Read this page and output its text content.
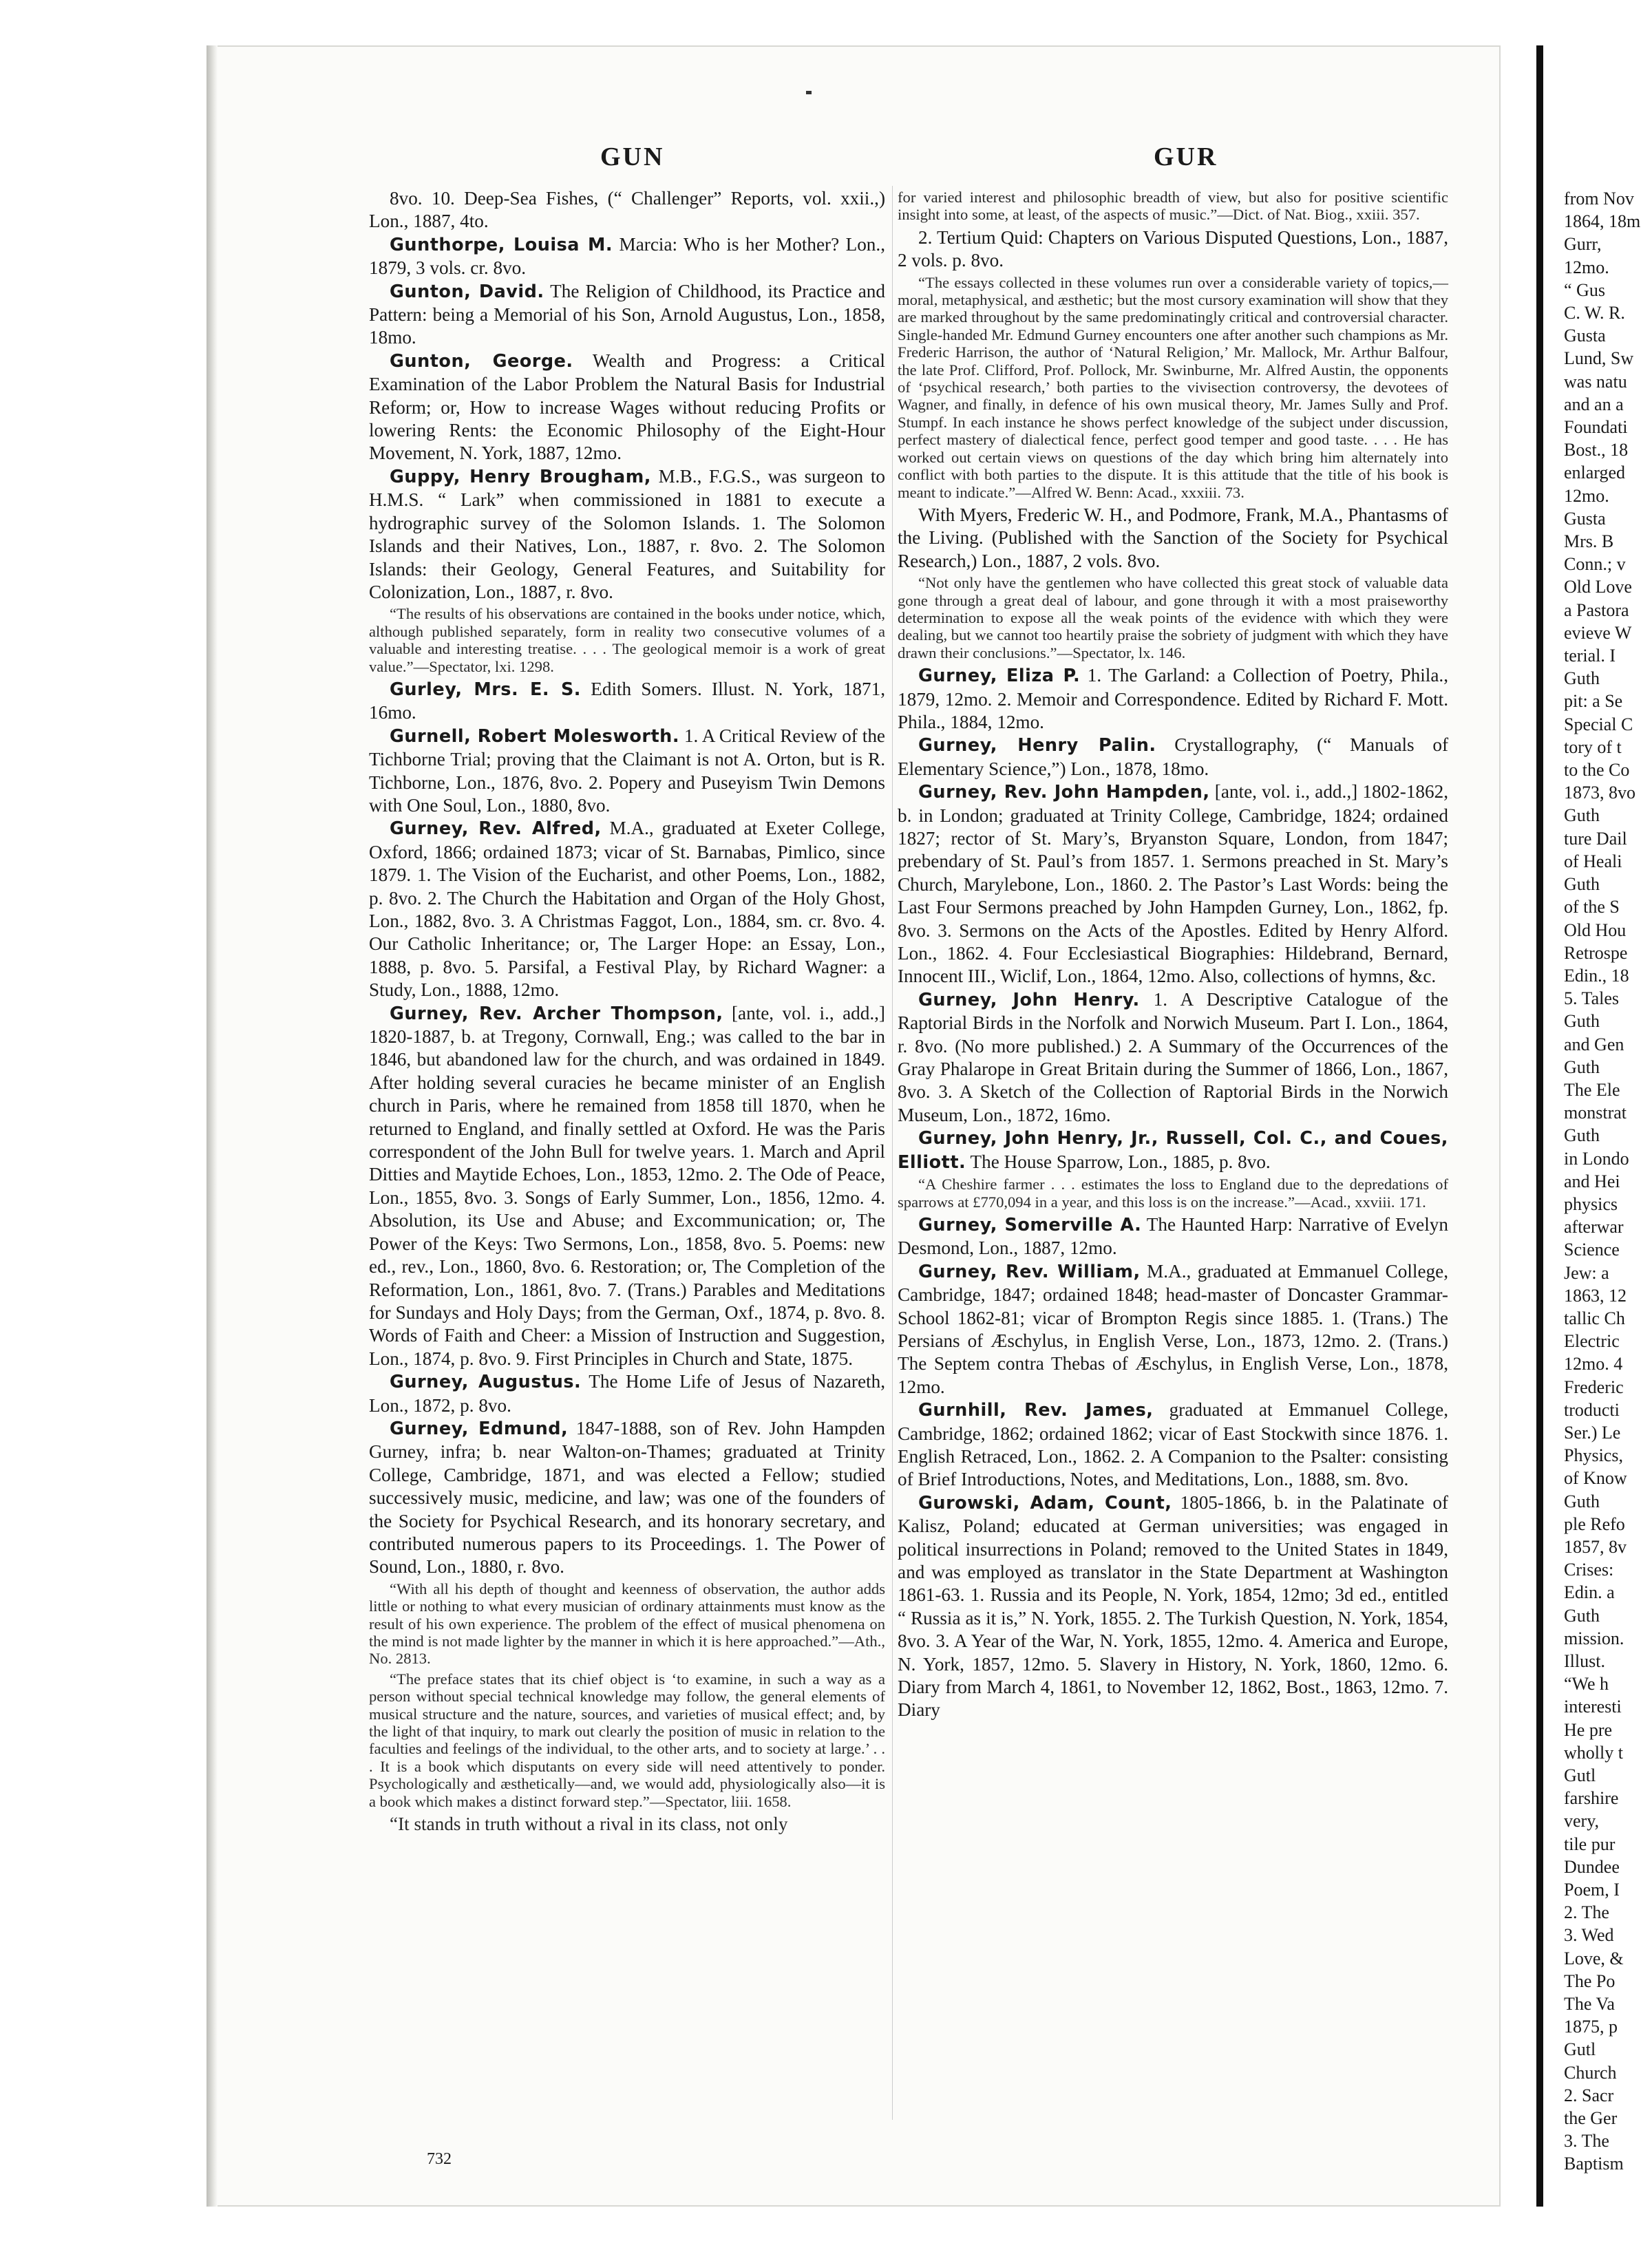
GUN	GUR

8vo. 10. Deep-Sea Fishes, (“ Challenger” Reports, vol. xxii.,) Lon., 1887, 4to.

Gunthorpe, Louisa M. Marcia: Who is her Mother? Lon., 1879, 3 vols. cr. 8vo.

Gunton, David. The Religion of Childhood, its Practice and Pattern: being a Memorial of his Son, Arnold Augustus, Lon., 1858, 18mo.

Gunton, George. Wealth and Progress: a Critical Examination of the Labor Problem the Natural Basis for Industrial Reform; or, How to increase Wages without reducing Profits or lowering Rents: the Economic Philosophy of the Eight-Hour Movement, N. York, 1887, 12mo.

Guppy, Henry Brougham, M.B., F.G.S., was surgeon to H.M.S. “ Lark” when commissioned in 1881 to execute a hydrographic survey of the Solomon Islands. 1. The Solomon Islands and their Natives, Lon., 1887, r. 8vo. 2. The Solomon Islands: their Geology, General Features, and Suitability for Colonization, Lon., 1887, r. 8vo.

“The results of his observations are contained in the books under notice, which, although published separately, form in reality two consecutive volumes of a valuable and interesting treatise. . . . The geological memoir is a work of great value.”—Spectator, lxi. 1298.

Gurley, Mrs. E. S. Edith Somers. Illust. N. York, 1871, 16mo.

Gurnell, Robert Molesworth. 1. A Critical Review of the Tichborne Trial; proving that the Claimant is not A. Orton, but is R. Tichborne, Lon., 1876, 8vo. 2. Popery and Puseyism Twin Demons with One Soul, Lon., 1880, 8vo.

Gurney, Rev. Alfred, M.A., graduated at Exeter College, Oxford, 1866; ordained 1873; vicar of St. Barnabas, Pimlico, since 1879. 1. The Vision of the Eucharist, and other Poems, Lon., 1882, p. 8vo. 2. The Church the Habitation and Organ of the Holy Ghost, Lon., 1882, 8vo. 3. A Christmas Faggot, Lon., 1884, sm. cr. 8vo. 4. Our Catholic Inheritance; or, The Larger Hope: an Essay, Lon., 1888, p. 8vo. 5. Parsifal, a Festival Play, by Richard Wagner: a Study, Lon., 1888, 12mo.

Gurney, Rev. Archer Thompson, [ante, vol. i., add.,] 1820-1887, b. at Tregony, Cornwall, Eng.; was called to the bar in 1846, but abandoned law for the church, and was ordained in 1849. After holding several curacies he became minister of an English church in Paris, where he remained from 1858 till 1870, when he returned to England, and finally settled at Oxford. He was the Paris correspondent of the John Bull for twelve years. 1. March and April Ditties and Maytide Echoes, Lon., 1853, 12mo. 2. The Ode of Peace, Lon., 1855, 8vo. 3. Songs of Early Summer, Lon., 1856, 12mo. 4. Absolution, its Use and Abuse; and Excommunication; or, The Power of the Keys: Two Sermons, Lon., 1858, 8vo. 5. Poems: new ed., rev., Lon., 1860, 8vo. 6. Restoration; or, The Completion of the Reformation, Lon., 1861, 8vo. 7. (Trans.) Parables and Meditations for Sundays and Holy Days; from the German, Oxf., 1874, p. 8vo. 8. Words of Faith and Cheer: a Mission of Instruction and Suggestion, Lon., 1874, p. 8vo. 9. First Principles in Church and State, 1875.

Gurney, Augustus. The Home Life of Jesus of Nazareth, Lon., 1872, p. 8vo.

Gurney, Edmund, 1847-1888, son of Rev. John Hampden Gurney, infra; b. near Walton-on-Thames; graduated at Trinity College, Cambridge, 1871, and was elected a Fellow; studied successively music, medicine, and law; was one of the founders of the Society for Psychical Research, and its honorary secretary, and contributed numerous papers to its Proceedings. 1. The Power of Sound, Lon., 1880, r. 8vo.

“With all his depth of thought and keenness of observation, the author adds little or nothing to what every musician of ordinary attainments must know as the result of his own experience. The problem of the effect of musical phenomena on the mind is not made lighter by the manner in which it is here approached.”—Ath., No. 2813.

“The preface states that its chief object is ‘to examine, in such a way as a person without special technical knowledge may follow, the general elements of musical structure and the nature, sources, and varieties of musical effect; and, by the light of that inquiry, to mark out clearly the position of music in relation to the faculties and feelings of the individual, to the other arts, and to society at large.’ . . . It is a book which disputants on every side will need attentively to ponder. Psychologically and æsthetically—and, we would add, physiologically also—it is a book which makes a distinct forward step.”—Spectator, liii. 1658.

“It stands in truth without a rival in its class, not only

for varied interest and philosophic breadth of view, but also for positive scientific insight into some, at least, of the aspects of music.”—Dict. of Nat. Biog., xxiii. 357.

2. Tertium Quid: Chapters on Various Disputed Questions, Lon., 1887, 2 vols. p. 8vo.

“The essays collected in these volumes run over a considerable variety of topics,—moral, metaphysical, and æsthetic; but the most cursory examination will show that they are marked throughout by the same predominatingly critical and controversial character. Single-handed Mr. Edmund Gurney encounters one after another such champions as Mr. Frederic Harrison, the author of ‘Natural Religion,’ Mr. Mallock, Mr. Arthur Balfour, the late Prof. Clifford, Prof. Pollock, Mr. Swinburne, Mr. Alfred Austin, the opponents of ‘psychical research,’ both parties to the vivisection controversy, the devotees of Wagner, and finally, in defence of his own musical theory, Mr. James Sully and Prof. Stumpf. In each instance he shows perfect knowledge of the subject under discussion, perfect mastery of dialectical fence, perfect good temper and good taste. . . . He has worked out certain views on questions of the day which bring him alternately into conflict with both parties to the dispute. It is this attitude that the title of his book is meant to indicate.”—Alfred W. Benn: Acad., xxxiii. 73.

With Myers, Frederic W. H., and Podmore, Frank, M.A., Phantasms of the Living. (Published with the Sanction of the Society for Psychical Research,) Lon., 1887, 2 vols. 8vo.

“Not only have the gentlemen who have collected this great stock of valuable data gone through a great deal of labour, and gone through it with a most praiseworthy determination to expose all the weak points of the evidence with which they were dealing, but we cannot too heartily praise the sobriety of judgment with which they have drawn their conclusions.”—Spectator, lx. 146.

Gurney, Eliza P. 1. The Garland: a Collection of Poetry, Phila., 1879, 12mo. 2. Memoir and Correspondence. Edited by Richard F. Mott. Phila., 1884, 12mo.

Gurney, Henry Palin. Crystallography, (“ Manuals of Elementary Science,”) Lon., 1878, 18mo.

Gurney, Rev. John Hampden, [ante, vol. i., add.,] 1802-1862, b. in London; graduated at Trinity College, Cambridge, 1824; ordained 1827; rector of St. Mary’s, Bryanston Square, London, from 1847; prebendary of St. Paul’s from 1857. 1. Sermons preached in St. Mary’s Church, Marylebone, Lon., 1860. 2. The Pastor’s Last Words: being the Last Four Sermons preached by John Hampden Gurney, Lon., 1862, fp. 8vo. 3. Sermons on the Acts of the Apostles. Edited by Henry Alford. Lon., 1862. 4. Four Ecclesiastical Biographies: Hildebrand, Bernard, Innocent III., Wiclif, Lon., 1864, 12mo. Also, collections of hymns, &c.

Gurney, John Henry. 1. A Descriptive Catalogue of the Raptorial Birds in the Norfolk and Norwich Museum. Part I. Lon., 1864, r. 8vo. (No more published.) 2. A Summary of the Occurrences of the Gray Phalarope in Great Britain during the Summer of 1866, Lon., 1867, 8vo. 3. A Sketch of the Collection of Raptorial Birds in the Norwich Museum, Lon., 1872, 16mo.

Gurney, John Henry, Jr., Russell, Col. C., and Coues, Elliott. The House Sparrow, Lon., 1885, p. 8vo.

“A Cheshire farmer . . . estimates the loss to England due to the depredations of sparrows at £770,094 in a year, and this loss is on the increase.”—Acad., xxviii. 171.

Gurney, Somerville A. The Haunted Harp: Narrative of Evelyn Desmond, Lon., 1887, 12mo.

Gurney, Rev. William, M.A., graduated at Emmanuel College, Cambridge, 1847; ordained 1848; head-master of Doncaster Grammar-School 1862-81; vicar of Brompton Regis since 1885. 1. (Trans.) The Persians of Æschylus, in English Verse, Lon., 1873, 12mo. 2. (Trans.) The Septem contra Thebas of Æschylus, in English Verse, Lon., 1878, 12mo.

Gurnhill, Rev. James, graduated at Emmanuel College, Cambridge, 1862; ordained 1862; vicar of East Stockwith since 1876. 1. English Retraced, Lon., 1862. 2. A Companion to the Psalter: consisting of Brief Introductions, Notes, and Meditations, Lon., 1888, sm. 8vo.

Gurowski, Adam, Count, 1805-1866, b. in the Palatinate of Kalisz, Poland; educated at German universities; was engaged in political insurrections in Poland; removed to the United States in 1849, and was employed as translator in the State Department at Washington 1861-63. 1. Russia and its People, N. York, 1854, 12mo; 3d ed., entitled “ Russia as it is,” N. York, 1855. 2. The Turkish Question, N. York, 1854, 8vo. 3. A Year of the War, N. York, 1855, 12mo. 4. America and Europe, N. York, 1857, 12mo. 5. Slavery in History, N. York, 1860, 12mo. 6. Diary from March 4, 1861, to November 12, 1862, Bost., 1863, 12mo. 7. Diary

from Nov
1864, 18m
Gurr,
12mo.
“ Gus
C. W. R.
Gusta
Lund, Sw
was natu
and an a
Foundati
Bost., 18
enlarged
12mo.
Gusta
Mrs. B
Conn.; v
Old Love
a Pastora
evieve W
terial. I
Guth
pit: a Se
Special C
tory of t
to the Co
1873, 8vo
Guth
ture Dail
of Heali
Guth
of the S
Old Hou
Retrospe
Edin., 18
5. Tales
Guth
and Gen
Guth
The Ele
monstrat
Guth
in Londo
and Hei
physics
afterwar
Science
Jew: a
1863, 12
tallic Ch
Electric
12mo. 4
Frederic
troducti
Ser.) Le
Physics,
of Know
Guth
ple Refo
1857, 8v
Crises:
Edin. a
Guth
mission.
Illust.
“We h
interesti
He pre
wholly t
Gutl
farshire
very,
tile pur
Dundee
Poem, I
2. The
3. Wed
Love, &
The Po
The Va
1875, p
Gutl
Church
2. Sacr
the Ger
3. The
Baptism
732
